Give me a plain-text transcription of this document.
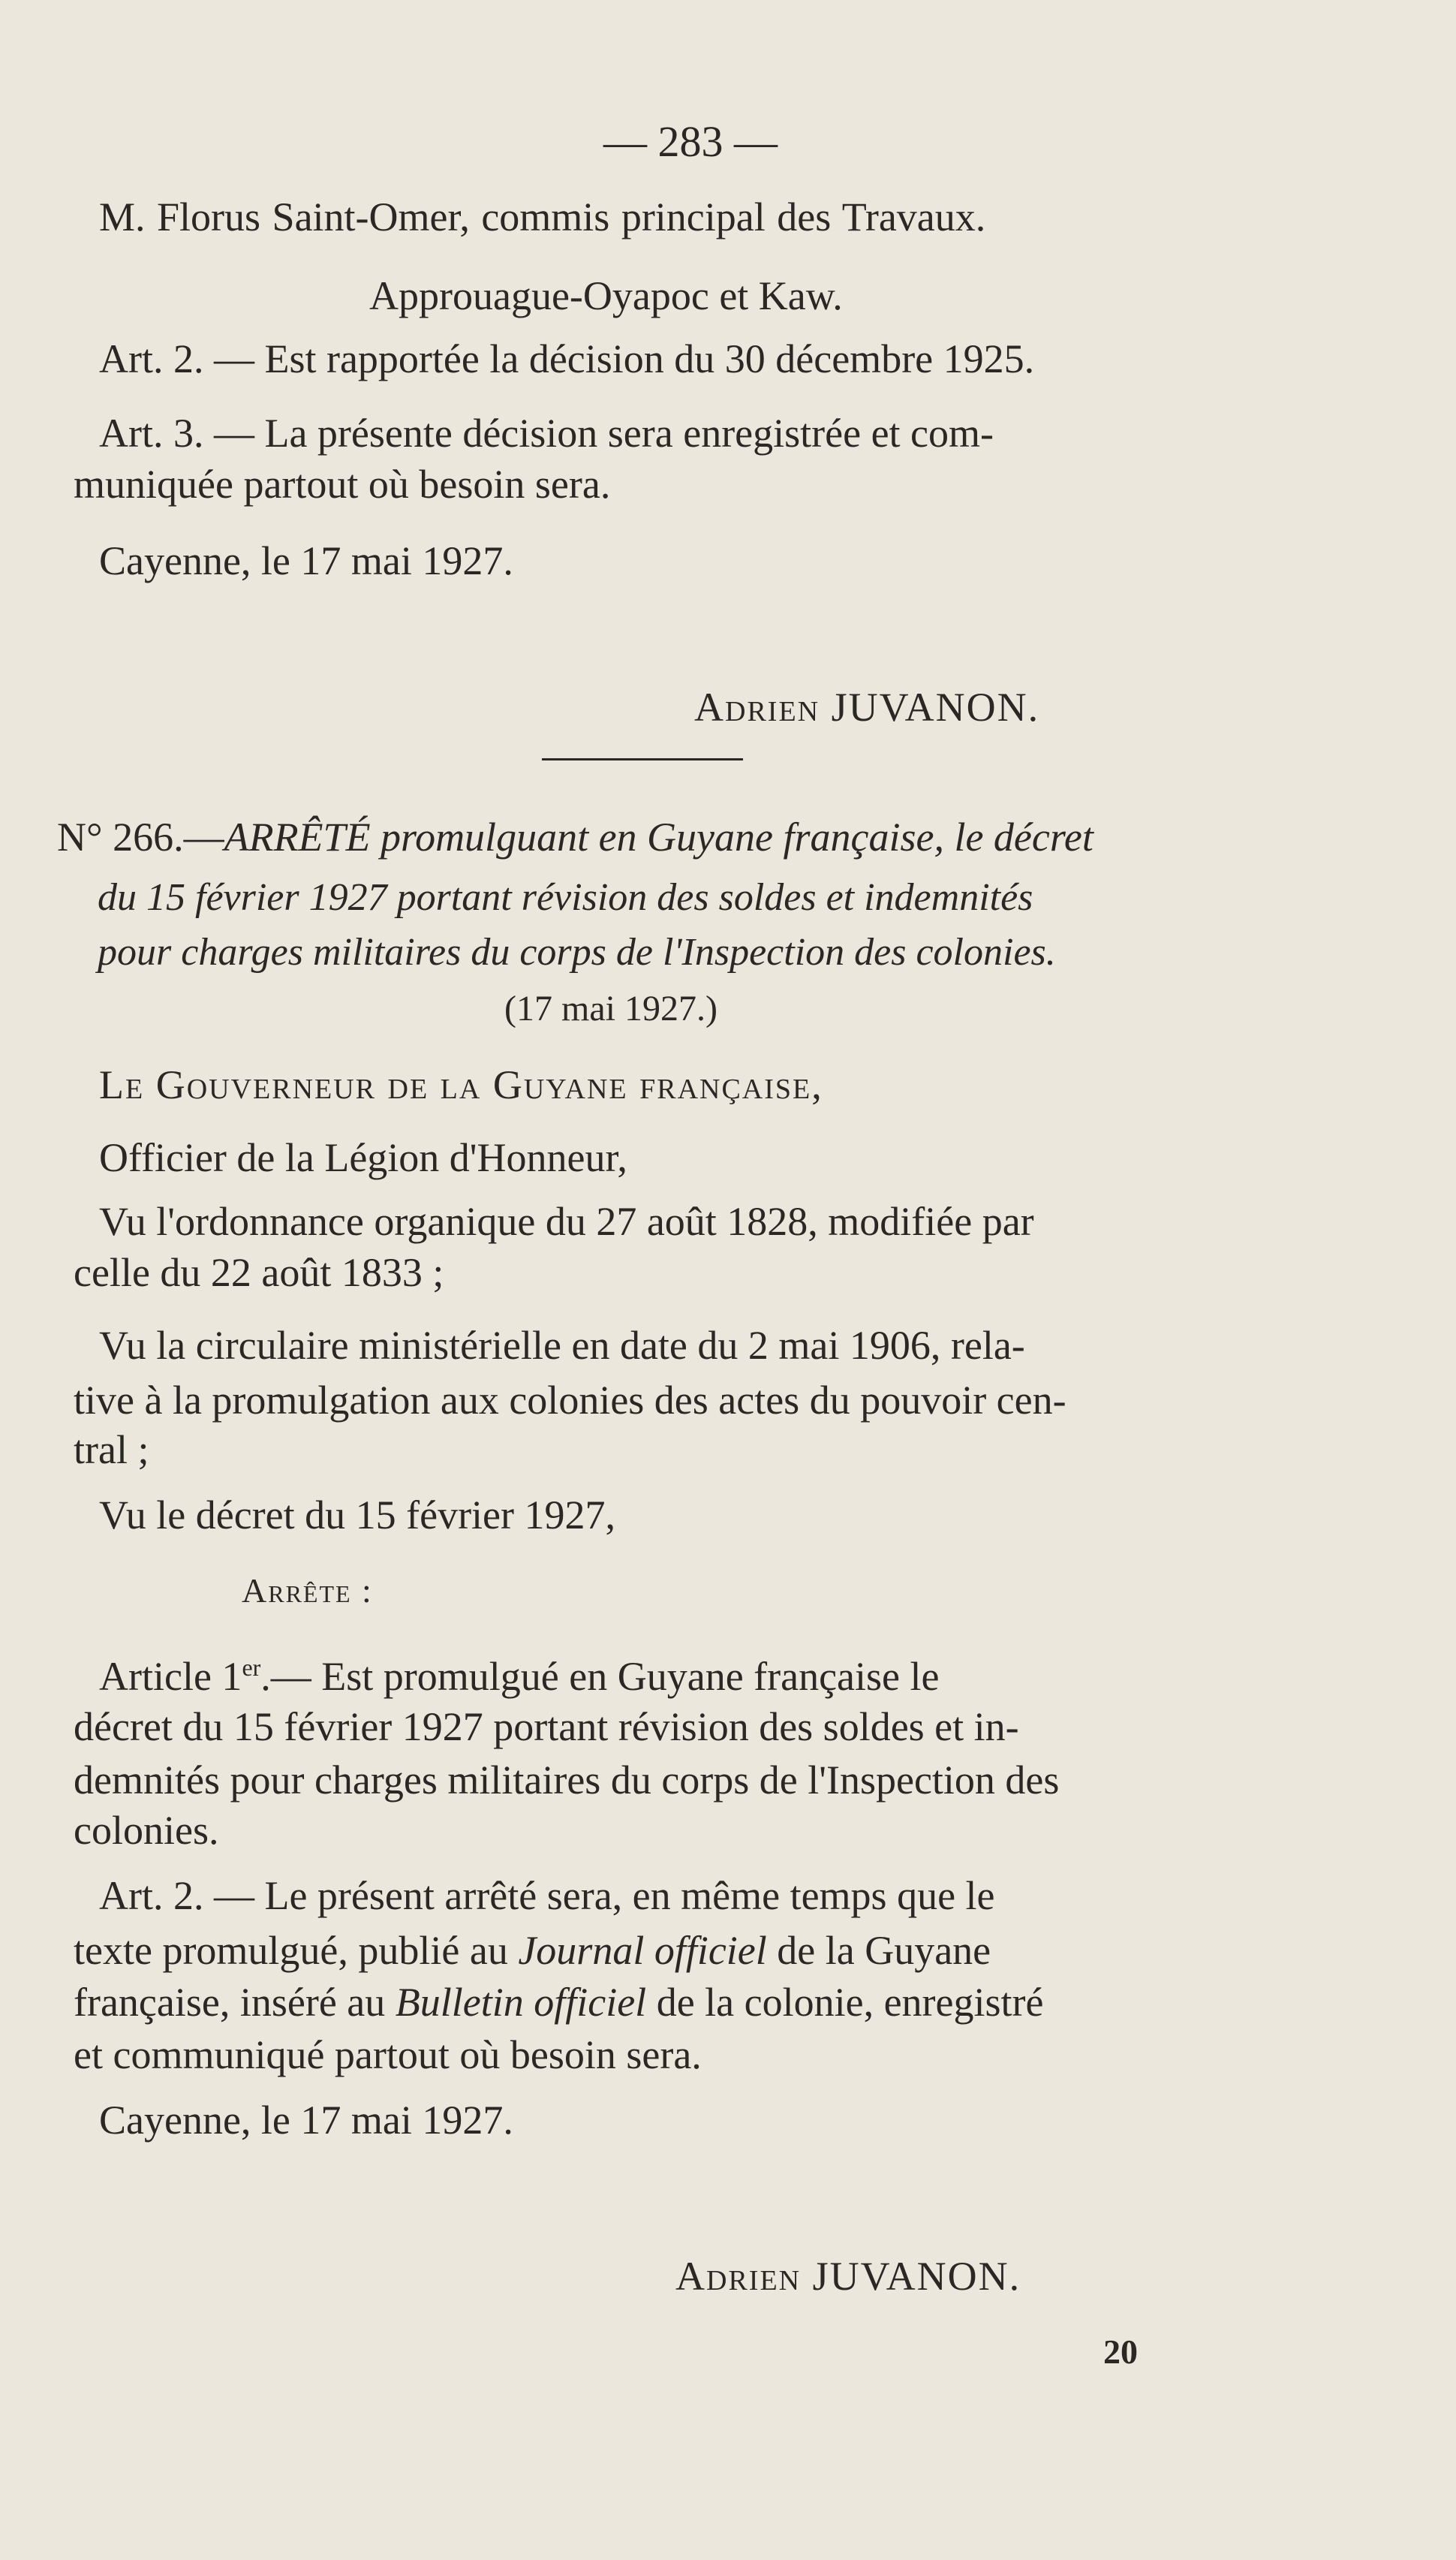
— 283 —
M. Florus Saint-Omer, commis principal des Travaux.
Approuague-Oyapoc et Kaw.
Art. 2. — Est rapportée la décision du 30 décembre 1925.
Art. 3. — La présente décision sera enregistrée et com-
muniquée partout où besoin sera.
Cayenne, le 17 mai 1927.
Adrien JUVANON.
N° 266.—ARRÊTÉ promulguant en Guyane française, le décret
du 15 février 1927 portant révision des soldes et indemnités
pour charges militaires du corps de l'Inspection des colonies.
(17 mai 1927.)
Le Gouverneur de la Guyane française,
Officier de la Légion d'Honneur,
Vu l'ordonnance organique du 27 août 1828, modifiée par
celle du 22 août 1833 ;
Vu la circulaire ministérielle en date du 2 mai 1906, rela-
tive à la promulgation aux colonies des actes du pouvoir cen-
tral ;
Vu le décret du 15 février 1927,
Arrête :
Article 1er.— Est promulgué en Guyane française le
décret du 15 février 1927 portant révision des soldes et in-
demnités pour charges militaires du corps de l'Inspection des
colonies.
Art. 2. — Le présent arrêté sera, en même temps que le
texte promulgué, publié au Journal officiel de la Guyane
française, inséré au Bulletin officiel de la colonie, enregistré
et communiqué partout où besoin sera.
Cayenne, le 17 mai 1927.
Adrien JUVANON.
20
